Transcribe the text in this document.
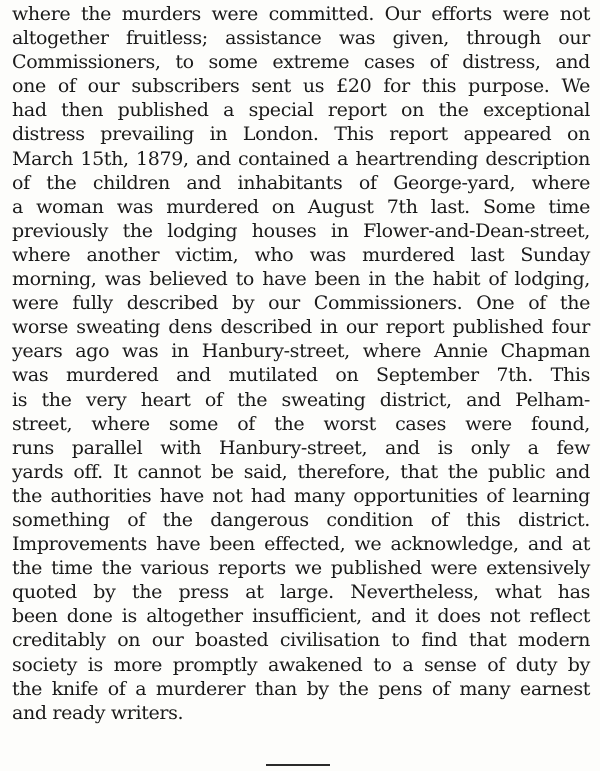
where the murders were committed. Our efforts were not
altogether fruitless; assistance was given, through our
Commissioners, to some extreme cases of distress, and
one of our subscribers sent us £20 for this purpose. We
had then published a special report on the exceptional
distress prevailing in London. This report appeared on
March 15th, 1879, and contained a heartrending description
of the children and inhabitants of George-yard, where
a woman was murdered on August 7th last. Some time
previously the lodging houses in Flower-and-Dean-street,
where another victim, who was murdered last Sunday
morning, was believed to have been in the habit of lodging,
were fully described by our Commissioners. One of the
worse sweating dens described in our report published four
years ago was in Hanbury-street, where Annie Chapman
was murdered and mutilated on September 7th. This
is the very heart of the sweating district, and Pelham-
street, where some of the worst cases were found,
runs parallel with Hanbury-street, and is only a few
yards off. It cannot be said, therefore, that the public and
the authorities have not had many opportunities of learning
something of the dangerous condition of this district.
Improvements have been effected, we acknowledge, and at
the time the various reports we published were extensively
quoted by the press at large. Nevertheless, what has
been done is altogether insufficient, and it does not reflect
creditably on our boasted civilisation to find that modern
society is more promptly awakened to a sense of duty by
the knife of a murderer than by the pens of many earnest
and ready writers.
